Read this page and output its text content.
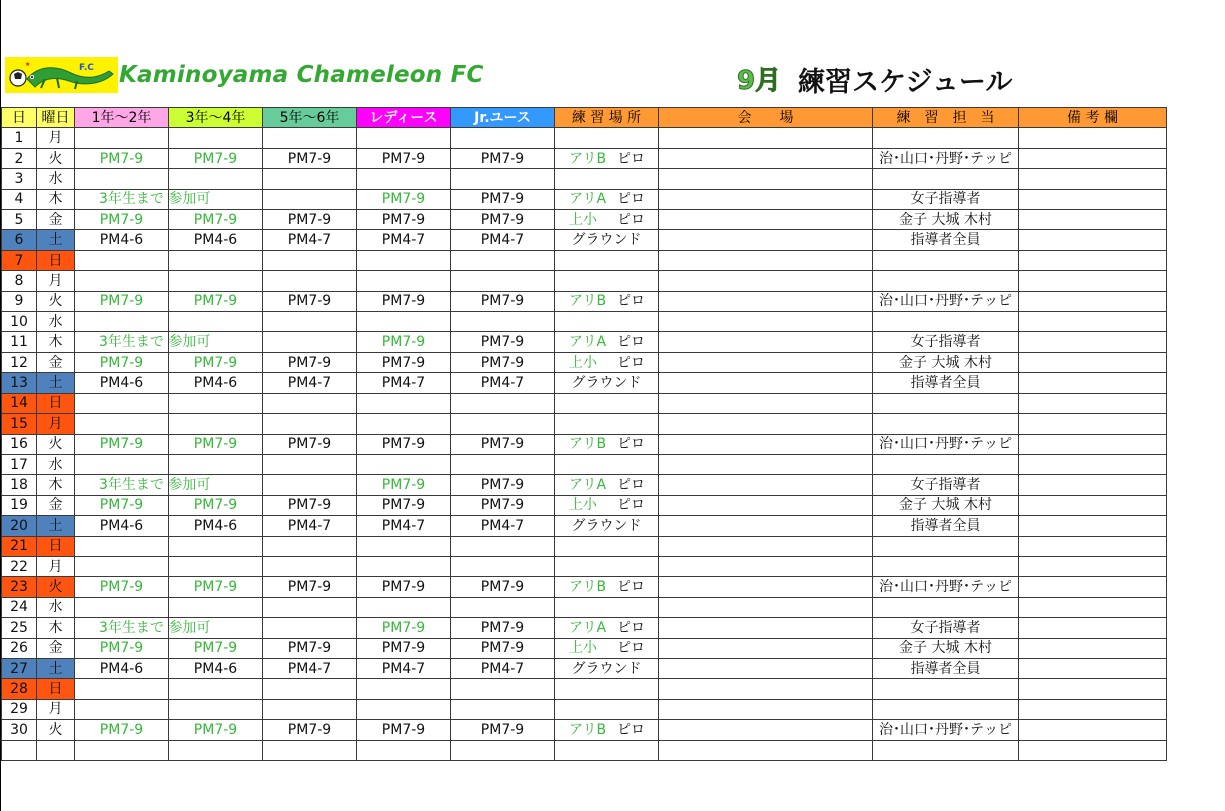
F.C
★	Kaminoyama Chameleon FC	9月 練習スケジュール
日	曜日	1年～2年	3年～4年	5年～6年	レディース	Jr.ユース	練 習 場 所	会　　場	練　習　担　当	備 考 欄
1	月									
2	火	PM7-9	PM7-9	PM7-9	PM7-9	PM7-9	アリB ピロ		治･山口･丹野･テッピ	
3	水									
4	木	3年生まで 参加可			PM7-9	PM7-9	アリA ピロ		女子指導者	
5	金	PM7-9	PM7-9	PM7-9	PM7-9	PM7-9	上小 ピロ		金子 大城 木村	
6	土	PM4-6	PM4-6	PM4-7	PM4-7	PM4-7	グラウンド		指導者全員	
7	日									
8	月									
9	火	PM7-9	PM7-9	PM7-9	PM7-9	PM7-9	アリB ピロ		治･山口･丹野･テッピ	
10	水									
11	木	3年生まで 参加可			PM7-9	PM7-9	アリA ピロ		女子指導者	
12	金	PM7-9	PM7-9	PM7-9	PM7-9	PM7-9	上小 ピロ		金子 大城 木村	
13	土	PM4-6	PM4-6	PM4-7	PM4-7	PM4-7	グラウンド		指導者全員	
14	日									
15	月									
16	火	PM7-9	PM7-9	PM7-9	PM7-9	PM7-9	アリB ピロ		治･山口･丹野･テッピ	
17	水									
18	木	3年生まで 参加可			PM7-9	PM7-9	アリA ピロ		女子指導者	
19	金	PM7-9	PM7-9	PM7-9	PM7-9	PM7-9	上小 ピロ		金子 大城 木村	
20	土	PM4-6	PM4-6	PM4-7	PM4-7	PM4-7	グラウンド		指導者全員	
21	日									
22	月									
23	火	PM7-9	PM7-9	PM7-9	PM7-9	PM7-9	アリB ピロ		治･山口･丹野･テッピ	
24	水									
25	木	3年生まで 参加可			PM7-9	PM7-9	アリA ピロ		女子指導者	
26	金	PM7-9	PM7-9	PM7-9	PM7-9	PM7-9	上小 ピロ		金子 大城 木村	
27	土	PM4-6	PM4-6	PM4-7	PM4-7	PM4-7	グラウンド		指導者全員	
28	日									
29	月									
30	火	PM7-9	PM7-9	PM7-9	PM7-9	PM7-9	アリB ピロ		治･山口･丹野･テッピ	
